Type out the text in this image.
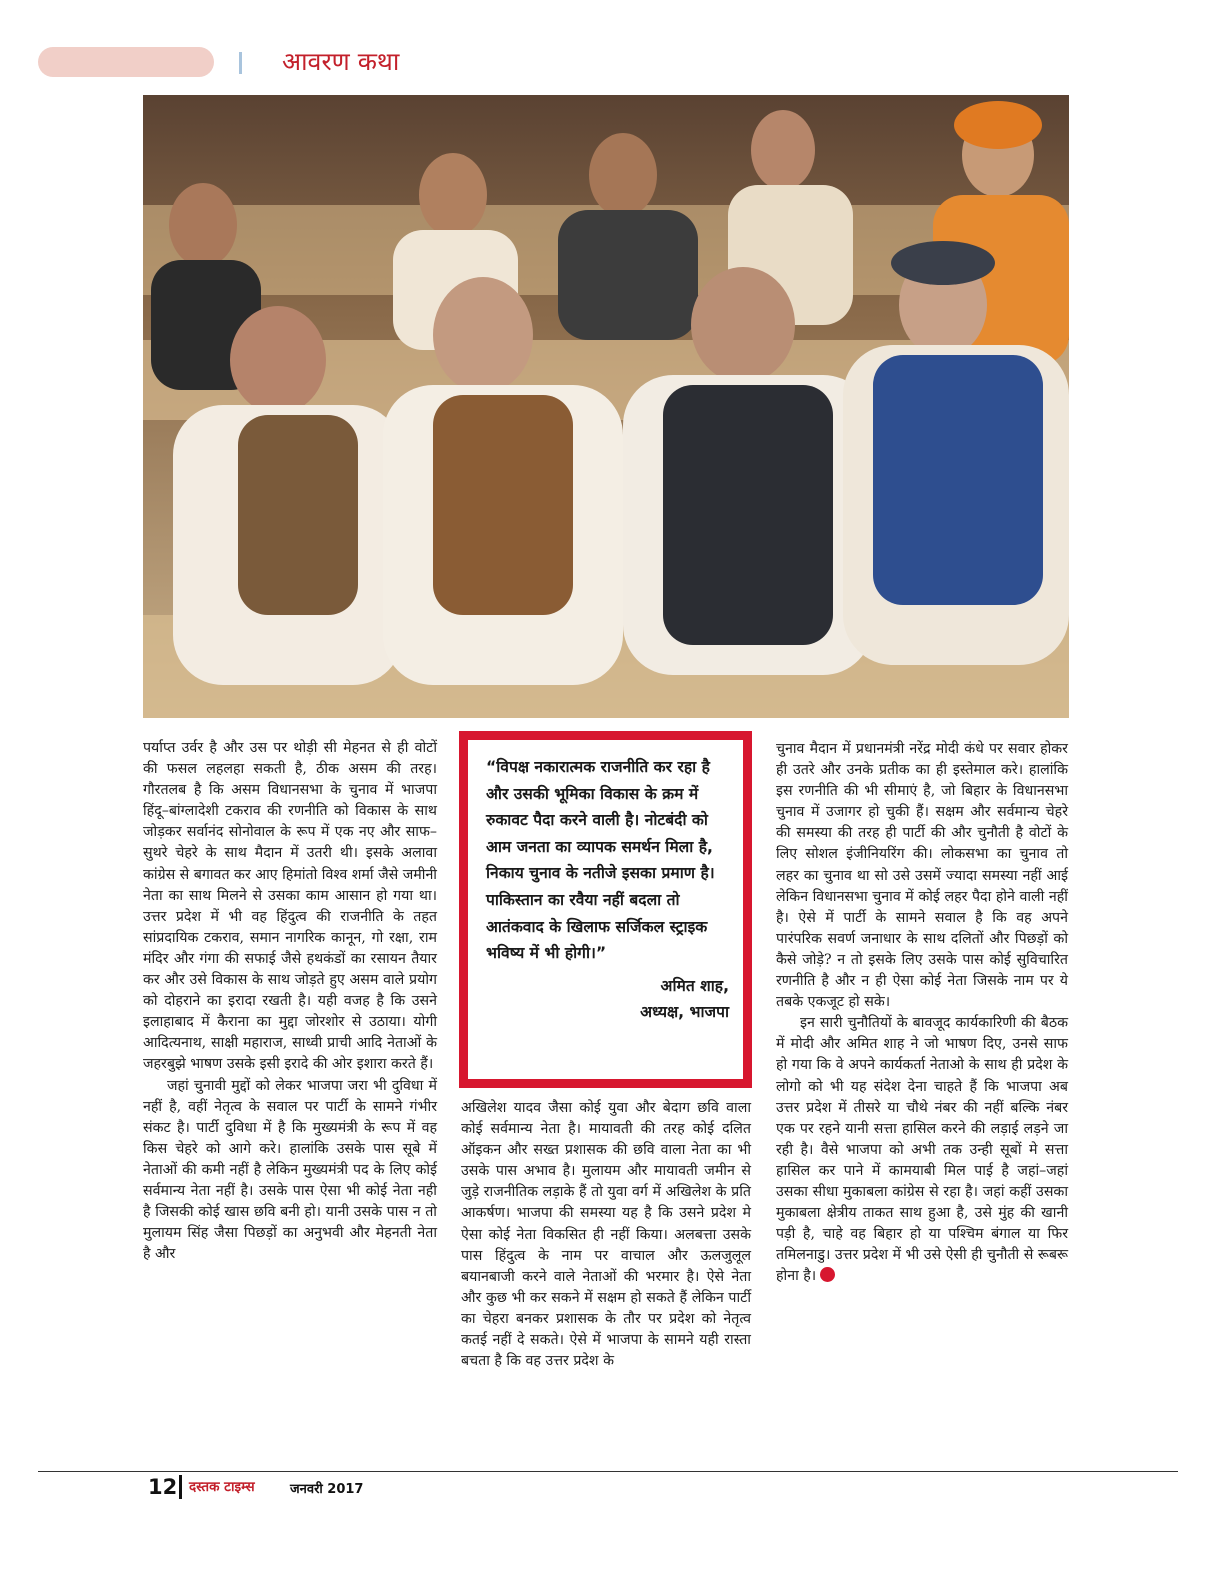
आवरण कथा

पर्याप्त उर्वर है और उस पर थोड़ी सी मेहनत से ही वोटों की फसल लहलहा सकती है, ठीक असम की तरह। गौरतलब है कि असम विधानसभा के चुनाव में भाजपा हिंदू–बांग्लादेशी टकराव की रणनीति को विकास के साथ जोड़कर सर्वानंद सोनोवाल के रूप में एक नए और साफ–सुथरे चेहरे के साथ मैदान में उतरी थी। इसके अलावा कांग्रेस से बगावत कर आए हिमांतो विश्व शर्मा जैसे जमीनी नेता का साथ मिलने से उसका काम आसान हो गया था। उत्तर प्रदेश में भी वह हिंदुत्व की राजनीति के तहत सांप्रदायिक टकराव, समान नागरिक कानून, गो रक्षा, राम मंदिर और गंगा की सफाई जैसे हथकंडों का रसायन तैयार कर और उसे विकास के साथ जोड़ते हुए असम वाले प्रयोग को दोहराने का इरादा रखती है। यही वजह है कि उसने इलाहाबाद में कैराना का मुद्दा जोरशोर से उठाया। योगी आदित्यनाथ, साक्षी महाराज, साध्वी प्राची आदि नेताओं के जहरबुझे भाषण उसके इसी इरादे की ओर इशारा करते हैं।

जहां चुनावी मुद्दों को लेकर भाजपा जरा भी दुविधा में नहीं है, वहीं नेतृत्व के सवाल पर पार्टी के सामने गंभीर संकट है। पार्टी दुविधा में है कि मुख्यमंत्री के रूप में वह किस चेहरे को आगे करे। हालांकि उसके पास सूबे में नेताओं की कमी नहीं है लेकिन मुख्यमंत्री पद के लिए कोई सर्वमान्य नेता नहीं है। उसके पास ऐसा भी कोई नेता नही है जिसकी कोई खास छवि बनी हो। यानी उसके पास न तो मुलायम सिंह जैसा पिछड़ों का अनुभवी और मेहनती नेता है और

“विपक्ष नकारात्मक राजनीति कर रहा है और उसकी भूमिका विकास के क्रम में रुकावट पैदा करने वाली है। नोटबंदी को आम जनता का व्यापक समर्थन मिला है, निकाय चुनाव के नतीजे इसका प्रमाण है। पाकिस्तान का रवैया नहीं बदला तो आतंकवाद के खिलाफ सर्जिकल स्ट्राइक भविष्य में भी होगी।”

अमित शाह,
अध्यक्ष, भाजपा

अखिलेश यादव जैसा कोई युवा और बेदाग छवि वाला कोई सर्वमान्य नेता है। मायावती की तरह कोई दलित ऑइकन और सख्त प्रशासक की छवि वाला नेता का भी उसके पास अभाव है। मुलायम और मायावती जमीन से जुड़े राजनीतिक लड़ाके हैं तो युवा वर्ग में अखिलेश के प्रति आकर्षण। भाजपा की समस्या यह है कि उसने प्रदेश मे ऐसा कोई नेता विकसित ही नहीं किया। अलबत्ता उसके पास हिंदुत्व के नाम पर वाचाल और ऊलजुलूल बयानबाजी करने वाले नेताओं की भरमार है। ऐसे नेता और कुछ भी कर सकने में सक्षम हो सकते हैं लेकिन पार्टी का चेहरा बनकर प्रशासक के तौर पर प्रदेश को नेतृत्व कतई नहीं दे सकते। ऐसे में भाजपा के सामने यही रास्ता बचता है कि वह उत्तर प्रदेश के

चुनाव मैदान में प्रधानमंत्री नरेंद्र मोदी कंधे पर सवार होकर ही उतरे और उनके प्रतीक का ही इस्तेमाल करे। हालांकि इस रणनीति की भी सीमाएं है, जो बिहार के विधानसभा चुनाव में उजागर हो चुकी हैं। सक्षम और सर्वमान्य चेहरे की समस्या की तरह ही पार्टी की और चुनौती है वोटों के लिए सोशल इंजीनियरिंग की। लोकसभा का चुनाव तो लहर का चुनाव था सो उसे उसमें ज्यादा समस्या नहीं आई लेकिन विधानसभा चुनाव में कोई लहर पैदा होने वाली नहीं है। ऐसे में पार्टी के सामने सवाल है कि वह अपने पारंपरिक सवर्ण जनाधार के साथ दलितों और पिछड़ों को कैसे जोड़े? न तो इसके लिए उसके पास कोई सुविचारित रणनीति है और न ही ऐसा कोई नेता जिसके नाम पर ये तबके एकजूट हो सके।

इन सारी चुनौतियों के बावजूद कार्यकारिणी की बैठक में मोदी और अमित शाह ने जो भाषण दिए, उनसे साफ हो गया कि वे अपने कार्यकर्ता नेताओ के साथ ही प्रदेश के लोगो को भी यह संदेश देना चाहते हैं कि भाजपा अब उत्तर प्रदेश में तीसरे या चौथे नंबर की नहीं बल्कि नंबर एक पर रहने यानी सत्ता हासिल करने की लड़ाई लड़ने जा रही है। वैसे भाजपा को अभी तक उन्ही सूबों मे सत्ता हासिल कर पाने में कामयाबी मिल पाई है जहां–जहां उसका सीधा मुकाबला कांग्रेस से रहा है। जहां कहीं उसका मुकाबला क्षेत्रीय ताकत साथ हुआ है, उसे मुंह की खानी पड़ी है, चाहे वह बिहार हो या पश्चिम बंगाल या फिर तमिलनाडु। उत्तर प्रदेश में भी उसे ऐसी ही चुनौती से रूबरू होना है।

12 दस्तक टाइम्स	जनवरी 2017
